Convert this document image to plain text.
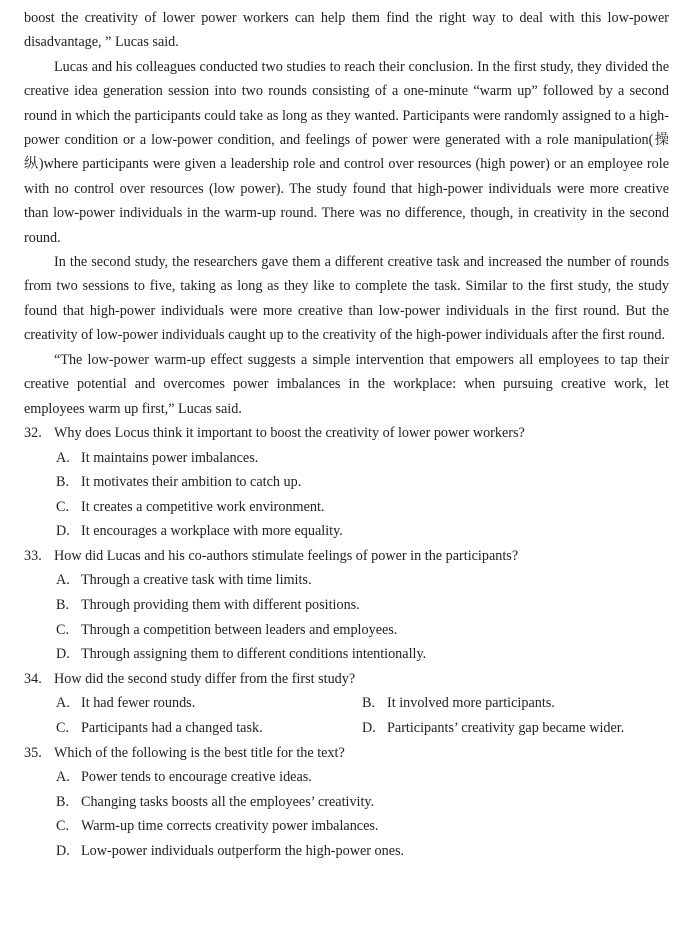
boost the creativity of lower power workers can help them find the right way to deal with this low-power disadvantage, ” Lucas said.

Lucas and his colleagues conducted two studies to reach their conclusion. In the first study, they divided the creative idea generation session into two rounds consisting of a one-minute “warm up” followed by a second round in which the participants could take as long as they wanted. Participants were randomly assigned to a high-power condition or a low-power condition, and feelings of power were generated with a role manipulation(操纵)where participants were given a leadership role and control over resources (high power) or an employee role with no control over resources (low power). The study found that high-power individuals were more creative than low-power individuals in the warm-up round. There was no difference, though, in creativity in the second round.

In the second study, the researchers gave them a different creative task and increased the number of rounds from two sessions to five, taking as long as they like to complete the task. Similar to the first study, the study found that high-power individuals were more creative than low-power individuals in the first round. But the creativity of low-power individuals caught up to the creativity of the high-power individuals after the first round.

“The low-power warm-up effect suggests a simple intervention that empowers all employees to tap their creative potential and overcomes power imbalances in the workplace: when pursuing creative work, let employees warm up first,” Lucas said.

32. Why does Locus think it important to boost the creativity of lower power workers?

A. It maintains power imbalances.

B. It motivates their ambition to catch up.

C. It creates a competitive work environment.

D. It encourages a workplace with more equality.

33. How did Lucas and his co-authors stimulate feelings of power in the participants?

A. Through a creative task with time limits.

B. Through providing them with different positions.

C. Through a competition between leaders and employees.

D. Through assigning them to different conditions intentionally.

34. How did the second study differ from the first study?

A. It had fewer rounds.	B. It involved more participants.
C. Participants had a changed task.	D. Participants’ creativity gap became wider.

35. Which of the following is the best title for the text?

A. Power tends to encourage creative ideas.

B. Changing tasks boosts all the employees’ creativity.

C. Warm-up time corrects creativity power imbalances.

D. Low-power individuals outperform the high-power ones.
